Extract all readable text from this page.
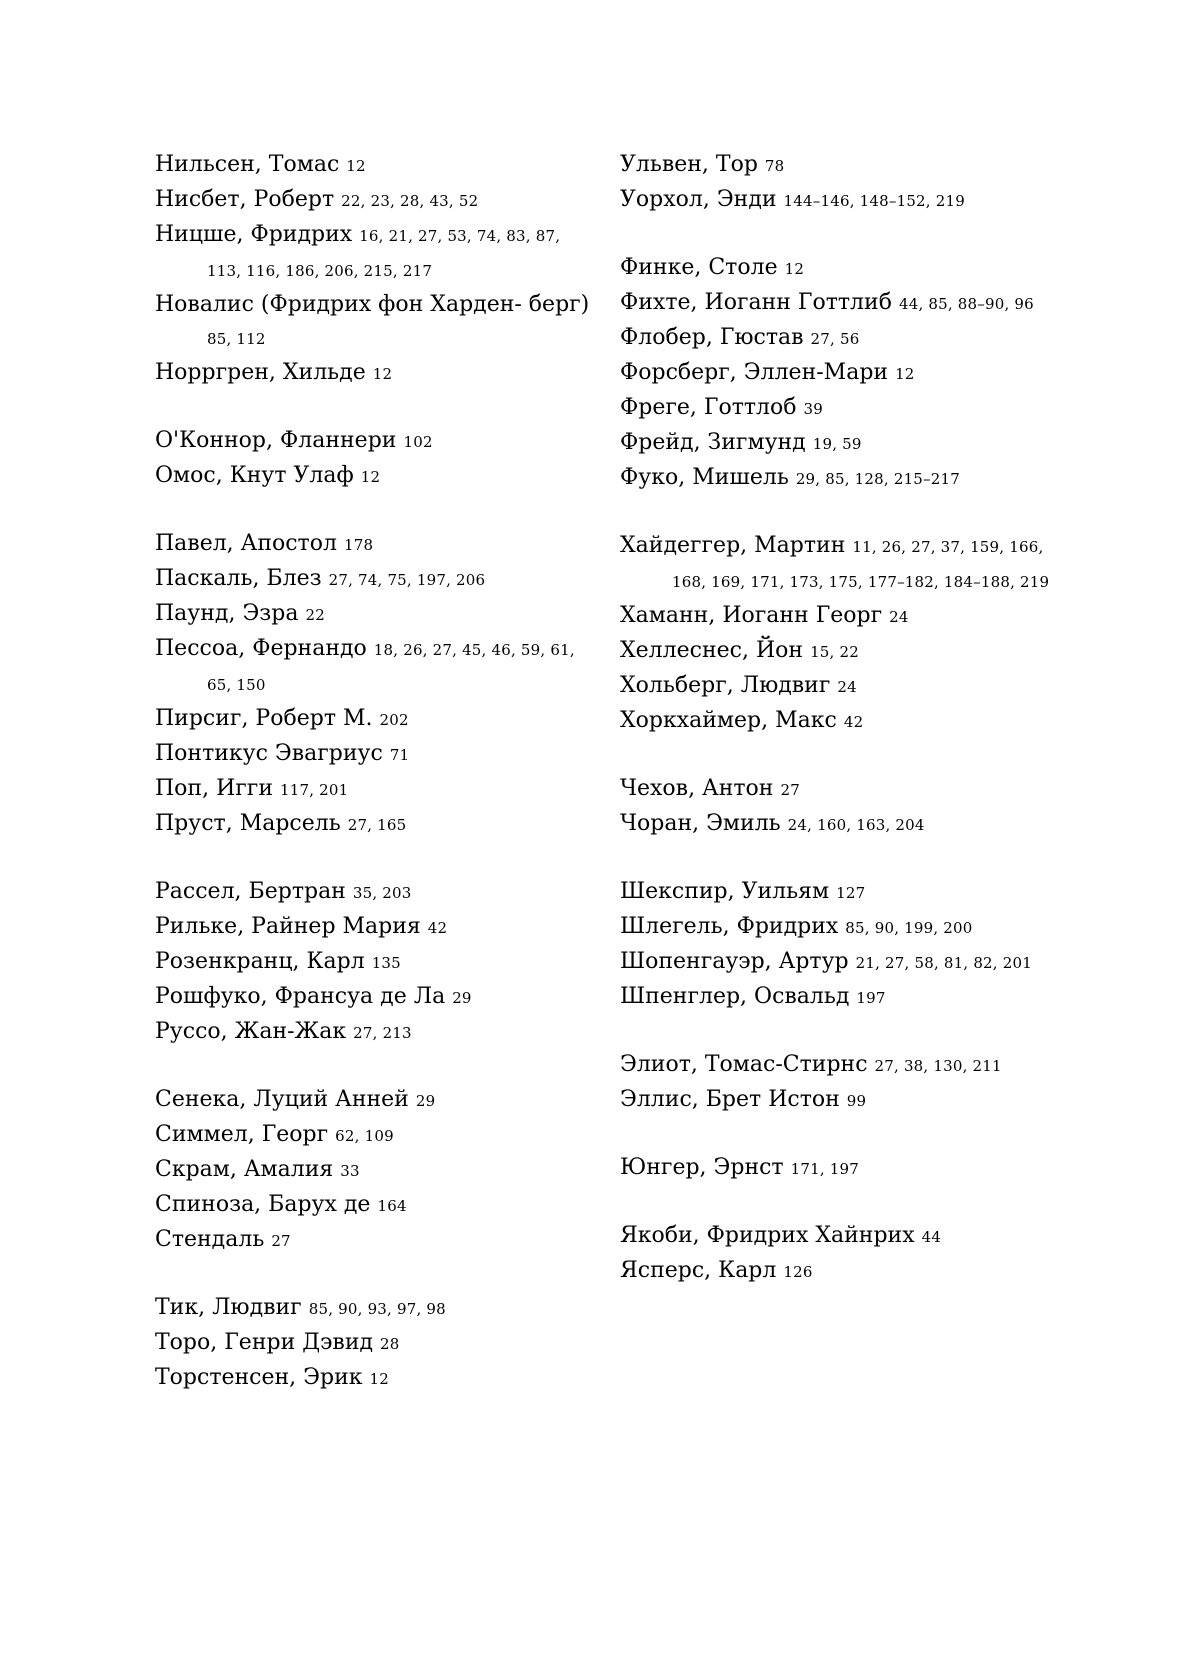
Нильсен, Томас 12
Нисбет, Роберт 22, 23, 28, 43, 52
Ницше, Фридрих 16, 21, 27, 53, 74, 83, 87, 113, 116, 186, 206, 215, 217
Новалис (Фридрих фон Харден- берг) 85, 112
Норргрен, Хильде 12
О'Коннор, Фланнери 102
Омос, Кнут Улаф 12
Павел, Апостол 178
Паскаль, Блез 27, 74, 75, 197, 206
Паунд, Эзра 22
Пессоа, Фернандо 18, 26, 27, 45, 46, 59, 61, 65, 150
Пирсиг, Роберт М. 202
Понтикус Эвагриус 71
Поп, Игги 117, 201
Пруст, Марсель 27, 165
Рассел, Бертран 35, 203
Рильке, Райнер Мария 42
Розенкранц, Карл 135
Рошфуко, Франсуа де Ла 29
Руссо, Жан-Жак 27, 213
Сенека, Луций Анней 29
Симмел, Георг 62, 109
Скрам, Амалия 33
Спиноза, Барух де 164
Стендаль 27
Тик, Людвиг 85, 90, 93, 97, 98
Торо, Генри Дэвид 28
Торстенсен, Эрик 12
Ульвен, Тор 78
Уорхол, Энди 144–146, 148–152, 219
Финке, Столе 12
Фихте, Иоганн Готтлиб 44, 85, 88–90, 96
Флобер, Гюстав 27, 56
Форсберг, Эллен-Мари 12
Фреге, Готтлоб 39
Фрейд, Зигмунд 19, 59
Фуко, Мишель 29, 85, 128, 215–217
Хайдеггер, Мартин 11, 26, 27, 37, 159, 166, 168, 169, 171, 173, 175, 177–182, 184–188, 219
Хаманн, Иоганн Георг 24
Хеллеснес, Йон 15, 22
Хольберг, Людвиг 24
Хоркхаймер, Макс 42
Чехов, Антон 27
Чоран, Эмиль 24, 160, 163, 204
Шекспир, Уильям 127
Шлегель, Фридрих 85, 90, 199, 200
Шопенгауэр, Артур 21, 27, 58, 81, 82, 201
Шпенглер, Освальд 197
Элиот, Томас-Стирнс 27, 38, 130, 211
Эллис, Брет Истон 99
Юнгер, Эрнст 171, 197
Якоби, Фридрих Хайнрих 44
Ясперс, Карл 126
